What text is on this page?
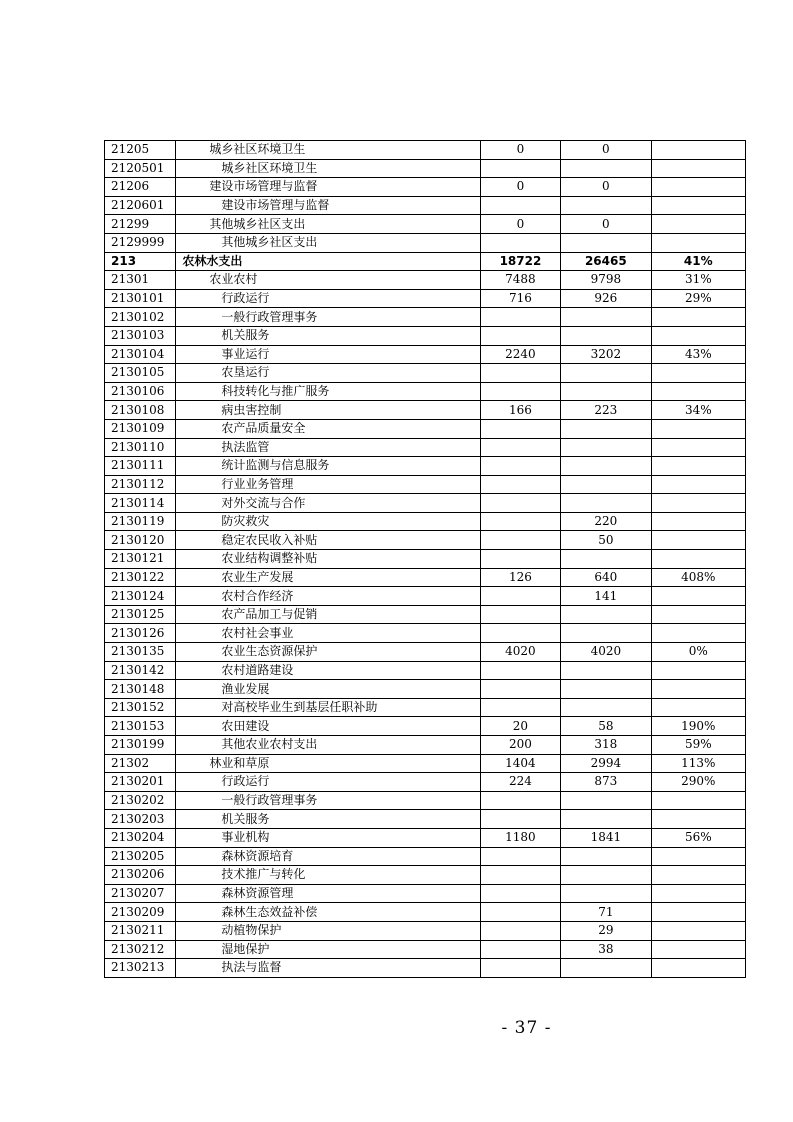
21205	城乡社区环境卫生	0	0	
2120501	城乡社区环境卫生			
21206	建设市场管理与监督	0	0	
2120601	建设市场管理与监督			
21299	其他城乡社区支出	0	0	
2129999	其他城乡社区支出			
213	农林水支出	18722	26465	41%
21301	农业农村	7488	9798	31%
2130101	行政运行	716	926	29%
2130102	一般行政管理事务			
2130103	机关服务			
2130104	事业运行	2240	3202	43%
2130105	农垦运行			
2130106	科技转化与推广服务			
2130108	病虫害控制	166	223	34%
2130109	农产品质量安全			
2130110	执法监管			
2130111	统计监测与信息服务			
2130112	行业业务管理			
2130114	对外交流与合作			
2130119	防灾救灾		220	
2130120	稳定农民收入补贴		50	
2130121	农业结构调整补贴			
2130122	农业生产发展	126	640	408%
2130124	农村合作经济		141	
2130125	农产品加工与促销			
2130126	农村社会事业			
2130135	农业生态资源保护	4020	4020	0%
2130142	农村道路建设			
2130148	渔业发展			
2130152	对高校毕业生到基层任职补助			
2130153	农田建设	20	58	190%
2130199	其他农业农村支出	200	318	59%
21302	林业和草原	1404	2994	113%
2130201	行政运行	224	873	290%
2130202	一般行政管理事务			
2130203	机关服务			
2130204	事业机构	1180	1841	56%
2130205	森林资源培育			
2130206	技术推广与转化			
2130207	森林资源管理			
2130209	森林生态效益补偿		71	
2130211	动植物保护		29	
2130212	湿地保护		38	
2130213	执法与监督			
- 37 -
